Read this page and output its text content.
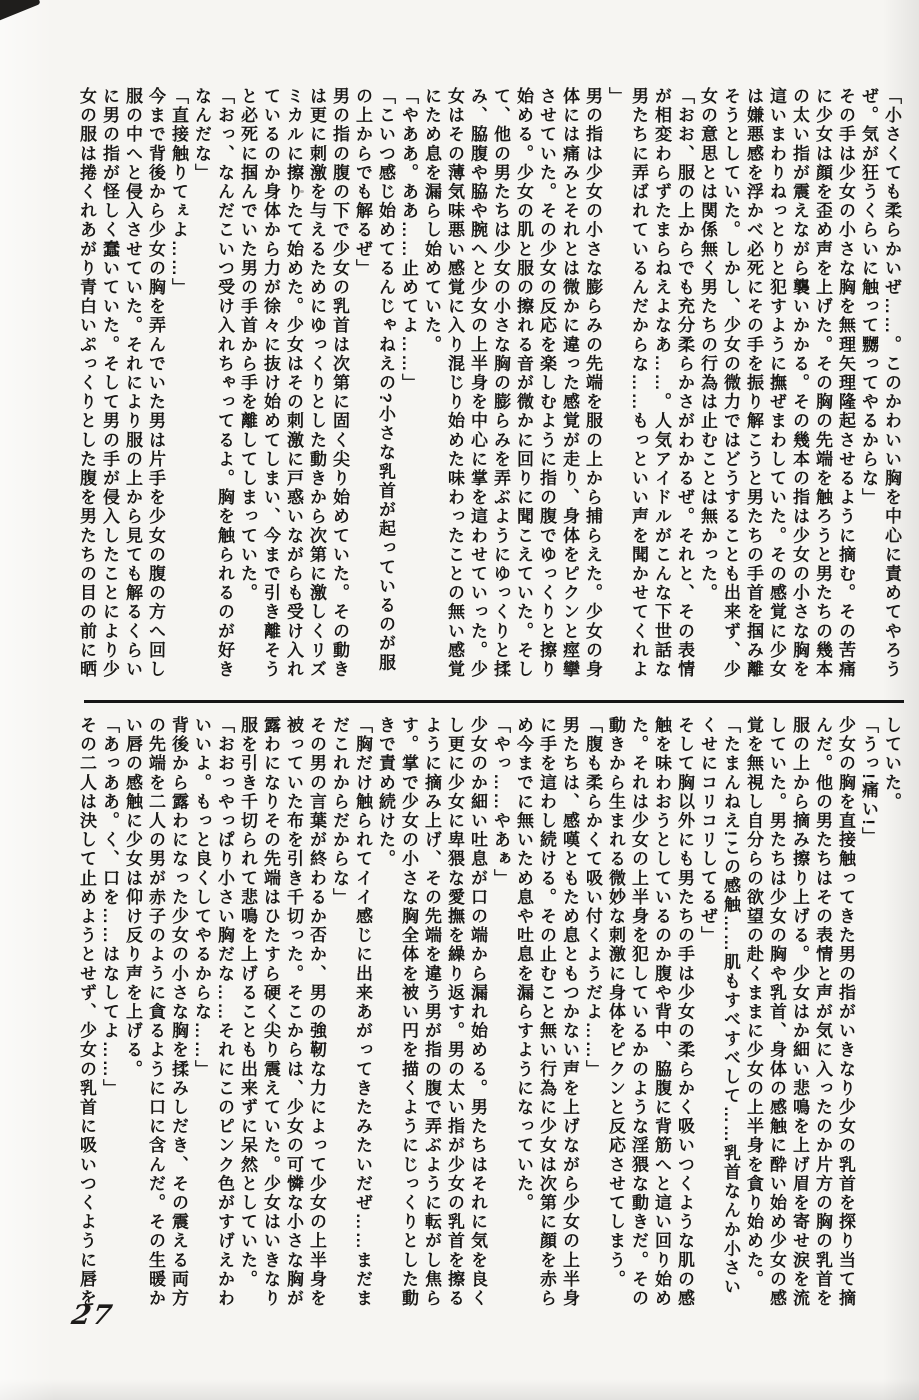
「小さくても柔らかいぜ……。このかわいい胸を中心に責めてやろう
ぜ。気が狂うくらいに触って嬲ってやるからな」
その手は少女の小さな胸を無理矢理隆起させるように摘む。その苦痛
に少女は顔を歪め声を上げた。その胸の先端を触ろうと男たちの幾本
の太い指が震えながら襲いかかる。その幾本の指は少女の小さな胸を
這いまわりねっとりと犯すように撫ぜまわしていた。その感覚に少女
は嫌悪感を浮かべ必死にその手を振り解こうと男たちの手首を掴み離
そうとしていた。しかし、少女の微力ではどうすることも出来ず、少
女の意思とは関係無く男たちの行為は止むことは無かった。
「おお、服の上からでも充分柔らかさがわかるぜ。それと、その表情
が相変わらずたまらねえよなあ……。人気アイドルがこんな下世話な
男たちに弄ばれているんだからな……もっといい声を聞かせてくれよ
」
男の指は少女の小さな膨らみの先端を服の上から捕らえた。少女の身
体には痛みとそれとは微かに違った感覚が走り、身体をピクンと痙攣
させていた。その少女の反応を楽しむように指の腹でゆっくりと擦り
始める。少女の肌と服の擦れる音が微かに回りに聞こえていた。そし
て、他の男たちは少女の小さな胸の膨らみを弄ぶようにゆっくりと揉
み、脇腹や脇や腕へと少女の上半身を中心に掌を這わせていった。少
女はその薄気味悪い感覚に入り混じり始めた味わったことの無い感覚
にため息を漏らし始めていた。
「やああ。ああ……止めてよ……」
「こいつ感じ始めてるんじゃねえの?小さな乳首が起っているのが服
の上からでも解るぜ」
男の指の腹の下で少女の乳首は次第に固く尖り始めていた。その動き
は更に刺激を与えるためにゆっくりとした動きから次第に激しくリズ
ミカルに擦りたて始めた。少女はその刺激に戸惑いながらも受け入れ
ているのか身体から力が徐々に抜け始めてしまい、今まで引き離そう
と必死に掴んでいた男の手首から手を離してしまっていた。
「おっ、なんだこいつ受け入れちゃってるよ。胸を触られるのが好き
なんだな」
「直接触りてぇよ……」
今まで背後から少女の胸を弄んでいた男は片手を少女の腹の方へ回し
服の中へと侵入させていた。それにより服の上から見ても解るくらい
に男の指が怪しく蠢いていた。そして男の手が侵入したことにより少
女の服は捲くれあがり青白いぷっくりとした腹を男たちの目の前に晒
していた。
「うっ!痛い!」
少女の胸を直接触ってきた男の指がいきなり少女の乳首を探り当て摘
んだ。他の男たちはその表情と声が気に入ったのか片方の胸の乳首を
服の上から摘み擦り上げる。少女はか細い悲鳴を上げ眉を寄せ涙を流
していた。男たちは少女の胸や乳首、身体の感触に酔い始め少女の感
覚を無視し自分らの欲望の赴くままに少女の上半身を貪り始めた。
「たまんねえ!この感触……肌もすべすべして……乳首なんか小さい
くせにコリコリしてるぜ」
そして胸以外にも男たちの手は少女の柔らかく吸いつくような肌の感
触を味わおうとしているのか腹や背中、脇腹に背筋へと這い回り始め
た。それは少女の上半身を犯しているかのような淫猥な動きだ。その
動きから生まれる微妙な刺激に身体をピクンと反応させてしまう。
「腹も柔らかくて吸い付くようだよ……」
男たちは、感嘆ともため息ともつかない声を上げながら少女の上半身
に手を這わし続ける。その止むこと無い行為に少女は次第に顔を赤ら
め今までに無いため息や吐息を漏らすようになっていた。
「やっ……やあぁ」
少女のか細い吐息が口の端から漏れ始める。男たちはそれに気を良く
し更に少女に卑猥な愛撫を繰り返す。男の太い指が少女の乳首を擦る
ように摘み上げ、その先端を違う男が指の腹で弄ぶように転がし焦ら
す。掌で少女の小さな胸全体を被い円を描くようにじっくりとした動
きで責め続けた。
「胸だけ触られてイイ感じに出来あがってきたみたいだぜ……まだま
だこれからだからな」
その男の言葉が終わるか否か、男の強靭な力によって少女の上半身を
被っていた布を引き千切った。そこからは、少女の可憐な小さな胸が
露わになりその先端はひたすら硬く尖り震えていた。少女はいきなり
服を引き千切られて悲鳴を上げることも出来ずに呆然としていた。
「おおっやっぱり小さい胸だな……それにこのピンク色がすげえかわ
いいよ。もっと良くしてやるからな……」
背後から露わになった少女の小さな胸を揉みしだき、その震える両方
の先端を二人の男が赤子のように貪るように口に含んだ。その生暖か
い唇の感触に少女は仰け反り声を上げる。
「あっああ。く、口を……はなしてよ……」
その二人は決して止めようとせず、少女の乳首に吸いつくように唇を
27
